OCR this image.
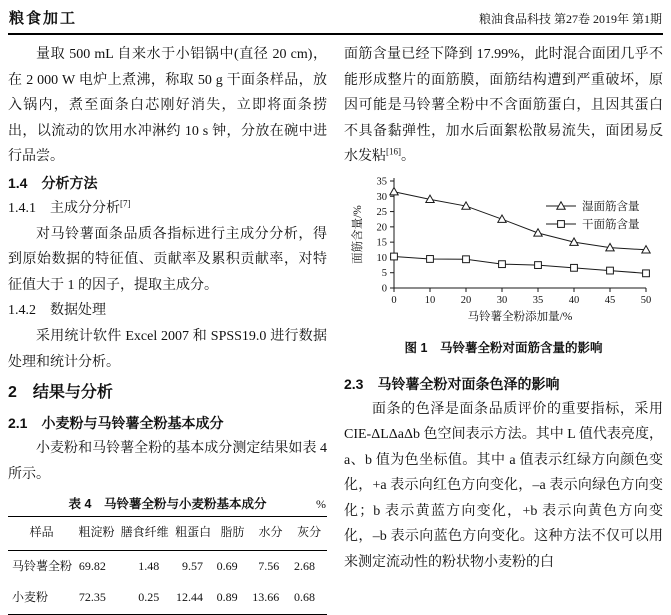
粮食加工	粮油食品科技 第27卷 2019年 第1期

量取 500 mL 自来水于小铝锅中(直径 20 cm)，在 2 000 W 电炉上煮沸，称取 50 g 干面条样品，放入锅内，煮至面条白芯刚好消失，立即将面条捞出，以流动的饮用水冲淋约 10 s 钟，分放在碗中进行品尝。

1.4　分析方法
1.4.1　主成分分析[7]

对马铃薯面条品质各指标进行主成分分析，得到原始数据的特征值、贡献率及累积贡献率，对特征值大于 1 的因子，提取主成分。

1.4.2　数据处理

采用统计软件 Excel 2007 和 SPSS19.0 进行数据处理和统计分析。

2　结果与分析
2.1　小麦粉与马铃薯全粉基本成分

小麦粉和马铃薯全粉的基本成分测定结果如表 4 所示。

表 4　马铃薯全粉与小麦粉基本成分	%
样品	粗淀粉	膳食纤维	粗蛋白	脂肪	水分	灰分
马铃薯全粉	69.82	1.48	9.57	0.69	7.56	2.68
小麦粉	72.35	0.25	12.44	0.89	13.66	0.68

面筋含量已经下降到 17.99%，此时混合面团几乎不能形成整片的面筋膜，面筋结构遭到严重破坏，原因可能是马铃薯全粉中不含面筋蛋白，且因其蛋白不具备黏弹性，加水后面絮松散易流失，面团易反水发粘[16]。

0
5
10
15
20
25
30
35
0	10 20 30 35 40 45 50
面筋含量/%
马铃薯全粉添加量/%
湿面筋含量
干面筋含量
图 1　马铃薯全粉对面筋含量的影响
2.3　马铃薯全粉对面条色泽的影响

面条的色泽是面条品质评价的重要指标，采用 CIE-ΔLΔaΔb 色空间表示方法。其中 L 值代表亮度，a、b 值为色坐标值。其中 a 值表示红绿方向颜色变化，+a 表示向红色方向变化，–a 表示向绿色方向变化；b 表示黄蓝方向变化，+b 表示向黄色方向变化，–b 表示向蓝色方向变化。这种方法不仅可以用来测定流动性的粉状物小麦粉的白
